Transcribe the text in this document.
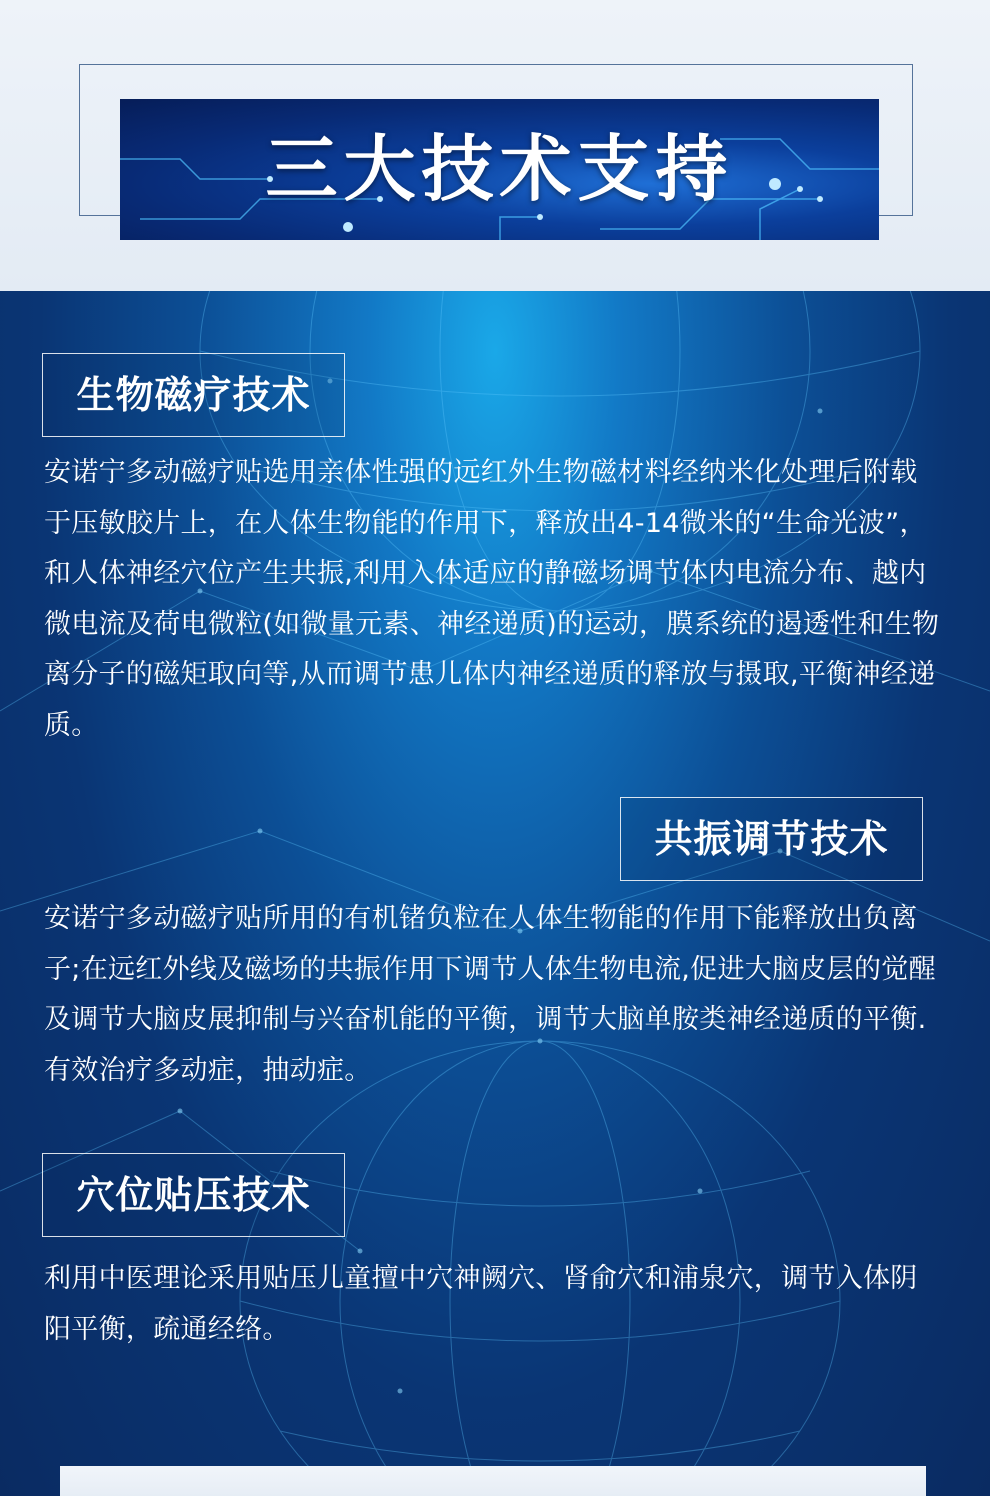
三大技术支持
生物磁疗技术
安诺宁多动磁疗贴选用亲体性强的远红外生物磁材料经纳米化处理后附载于压敏胶片上，在人体生物能的作用下，释放出4-14微米的“生命光波”， 和人体神经穴位产生共振,利用入体适应的静磁场调节体内电流分布、越内微电流及荷电微粒(如微量元素、神经递质)的运动，膜系统的遏透性和生物离分子的磁矩取向等,从而调节患儿体内神经递质的释放与摄取,平衡神经递质。
共振调节技术
安诺宁多动磁疗贴所用的有机锗负粒在人体生物能的作用下能释放出负离子;在远红外线及磁场的共振作用下调节人体生物电流,促进大脑皮层的觉醒及调节大脑皮展抑制与兴奋机能的平衡，调节大脑单胺类神经递质的平衡.有效治疗多动症，抽动症。
穴位贴压技术
利用中医理论采用贴压儿童擅中穴神阙穴、肾俞穴和浦泉穴，调节入体阴阳平衡，疏通经络。
